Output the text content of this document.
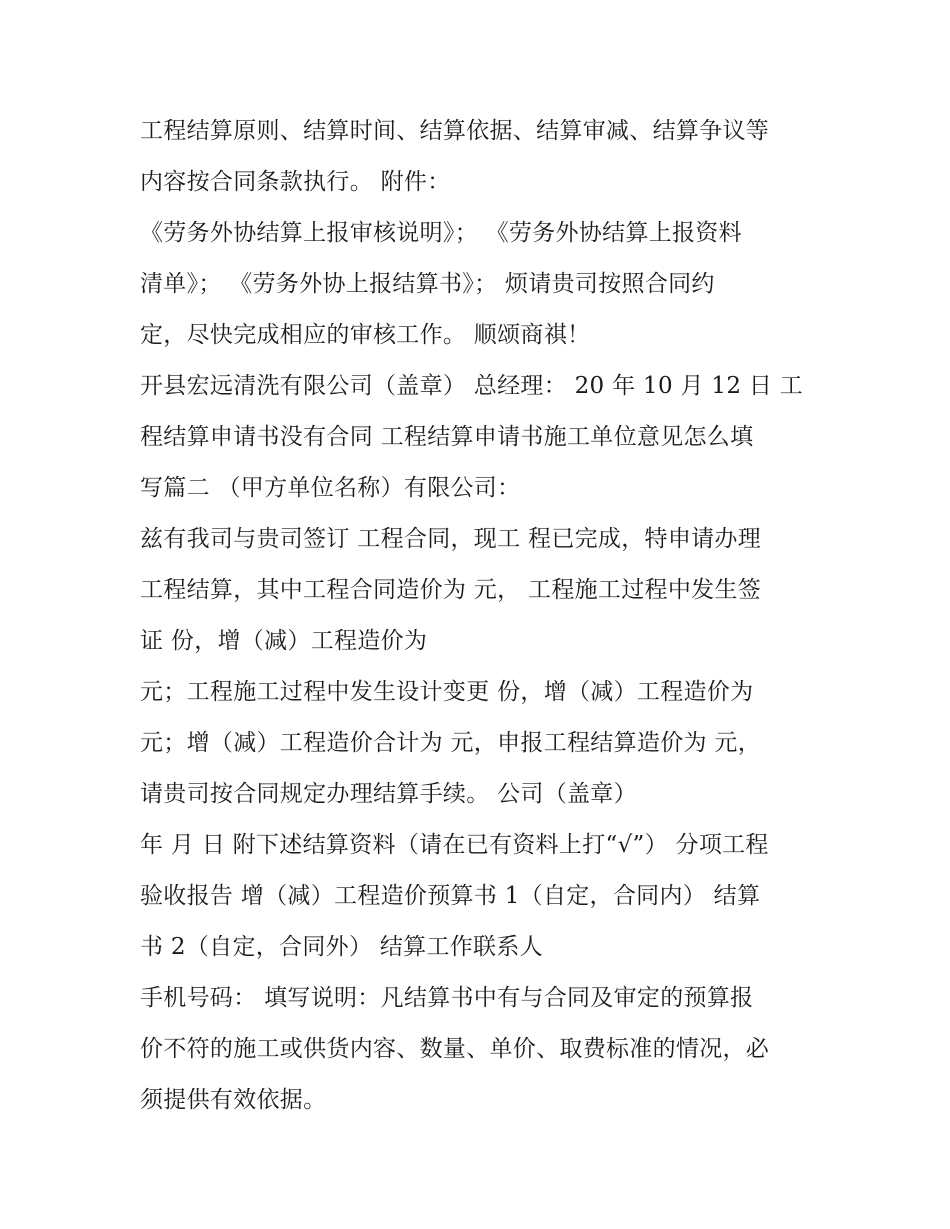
工程结算原则、结算时间、结算依据、结算审减、结算争议等
内容按合同条款执行。 附件：
《劳务外协结算上报审核说明》； 《劳务外协结算上报资料
清单》； 《劳务外协上报结算书》； 烦请贵司按照合同约
定，尽快完成相应的审核工作。 顺颂商祺！
开县宏远清洗有限公司（盖章） 总经理： 20 年 10 月 12 日 工
程结算申请书没有合同 工程结算申请书施工单位意见怎么填
写篇二 （甲方单位名称）有限公司：
兹有我司与贵司签订 工程合同，现工 程已完成，特申请办理
工程结算，其中工程合同造价为 元， 工程施工过程中发生签
证 份，增（减）工程造价为
元；工程施工过程中发生设计变更 份，增（减）工程造价为
元；增（减）工程造价合计为 元，申报工程结算造价为 元，
请贵司按合同规定办理结算手续。 公司（盖章）
年 月 日 附下述结算资料（请在已有资料上打“√”） 分项工程
验收报告 增（减）工程造价预算书 1（自定，合同内） 结算
书 2（自定，合同外） 结算工作联系人
手机号码： 填写说明：凡结算书中有与合同及审定的预算报
价不符的施工或供货内容、数量、单价、取费标准的情况，必
须提供有效依据。
